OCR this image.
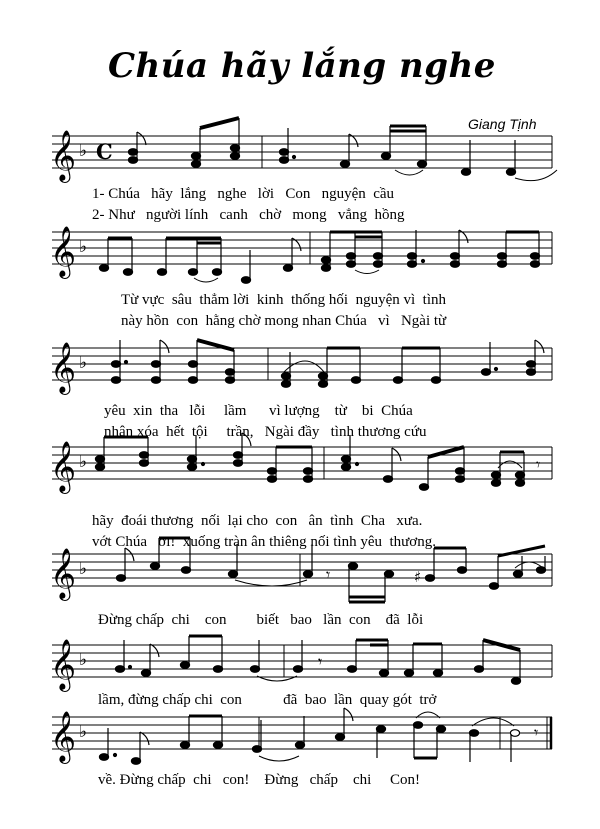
Chúa hãy lắng nghe
Giang Tịnh
𝄞 ♭ C
𝄞 ♭
𝄞 ♭
𝄞 ♭	𝄾
𝄞 ♭	𝄾	♯
𝄞 ♭	𝄾
𝄞 ♭	𝄾
1- Chúa   hãy  lắng   nghe   lời   Con   nguyện  cầu
2- Như   người lính   canh   chờ   mong   vẳng  hồng
Từ vực  sâu  thẳm lời  kinh  thống hối  nguyện vì  tình
này hồn  con  hằng chờ mong nhan Chúa   vì   Ngài từ
yêu  xin  tha   lỗi     lầm      vì lượng    từ    bi  Chúa
nhân xóa  hết  tội     trần,   Ngài đầy   tình thương cứu
hãy  đoái thương  nối  lại cho  con   ân  tình  Cha   xưa.
vớt Chúa   ơi!  xuống tràn ân thiêng nối tình yêu  thương.
Đừng chấp  chi    con        biết   bao   lần  con    đã  lỗi
lầm, đừng chấp chi  con           đã  bao  lần  quay gót  trở
về. Đừng chấp  chi   con!    Đừng   chấp    chi     Con!
